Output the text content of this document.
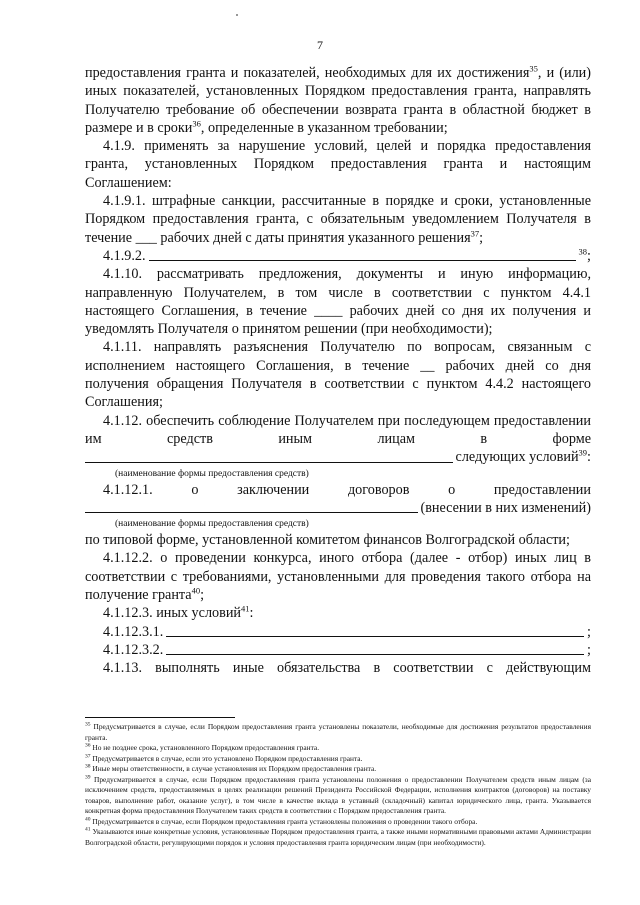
7

предоставления гранта и показателей, необходимых для их достижения$^{35}$, и (или) иных показателей, установленных Порядком предоставления гранта, направлять Получателю требование об обеспечении возврата гранта в областной бюджет в размере и в сроки$^{36}$, определенные в указанном требовании;

4.1.9. применять за нарушение условий, целей и порядка предоставления гранта, установленных Порядком предоставления гранта и настоящим Соглашением:

4.1.9.1. штрафные санкции, рассчитанные в порядке и сроки, установленные Порядком предоставления гранта, с обязательным уведомлением Получателя в течение ___ рабочих дней с даты принятия указанного решения$^{37}$;

4.1.9.2.	$^{38}$;

4.1.10. рассматривать предложения, документы и иную информацию, направленную Получателем, в том числе в соответствии с пунктом 4.4.1 настоящего Соглашения, в течение ____ рабочих дней со дня их получения и уведомлять Получателя о принятом решении (при необходимости);

4.1.11. направлять разъяснения Получателю по вопросам, связанным с исполнением настоящего Соглашения, в течение __ рабочих дней со дня получения обращения Получателя в соответствии с пунктом 4.4.2 настоящего Соглашения;

4.1.12. обеспечить соблюдение Получателем при последующем предоставлении им средств иным лицам в форме

следующих условий$^{39}$:

(наименование формы предоставления средств)

4.1.12.1. о заключении договоров о предоставлении

(внесении в них изменений)

(наименование формы предоставления средств)

по типовой форме, установленной комитетом финансов Волгоградской области;

4.1.12.2. о проведении конкурса, иного отбора (далее - отбор) иных лиц в соответствии с требованиями, установленными для проведения такого отбора на получение гранта$^{40}$;

4.1.12.3. иных условий$^{41}$:

4.1.12.3.1.	;
4.1.12.3.2.	;

4.1.13. выполнять иные обязательства в соответствии с действующим

$^{35}$ Предусматривается в случае, если Порядком предоставления гранта установлены показатели, необходимые для достижения результатов предоставления гранта.

$^{36}$ Но не позднее срока, установленного Порядком предоставления гранта.

$^{37}$ Предусматривается в случае, если это установлено Порядком предоставления гранта.

$^{38}$ Иные меры ответственности, в случае установления их Порядком предоставления гранта.

$^{39}$ Предусматривается в случае, если Порядком предоставления гранта установлены положения о предоставлении Получателем средств иным лицам (за исключением средств, предоставляемых в целях реализации решений Президента Российской Федерации, исполнения контрактов (договоров) на поставку товаров, выполнение работ, оказание услуг), в том числе в качестве вклада в уставный (складочный) капитал юридического лица, гранта. Указывается конкретная форма предоставления Получателем таких средств в соответствии с Порядком предоставления гранта.

$^{40}$ Предусматривается в случае, если Порядком предоставления гранта установлены положения о проведении такого отбора.

$^{41}$ Указываются иные конкретные условия, установленные Порядком предоставления гранта, а также иными нормативными правовыми актами Администрации Волгоградской области, регулирующими порядок и условия предоставления гранта юридическим лицам (при необходимости).
